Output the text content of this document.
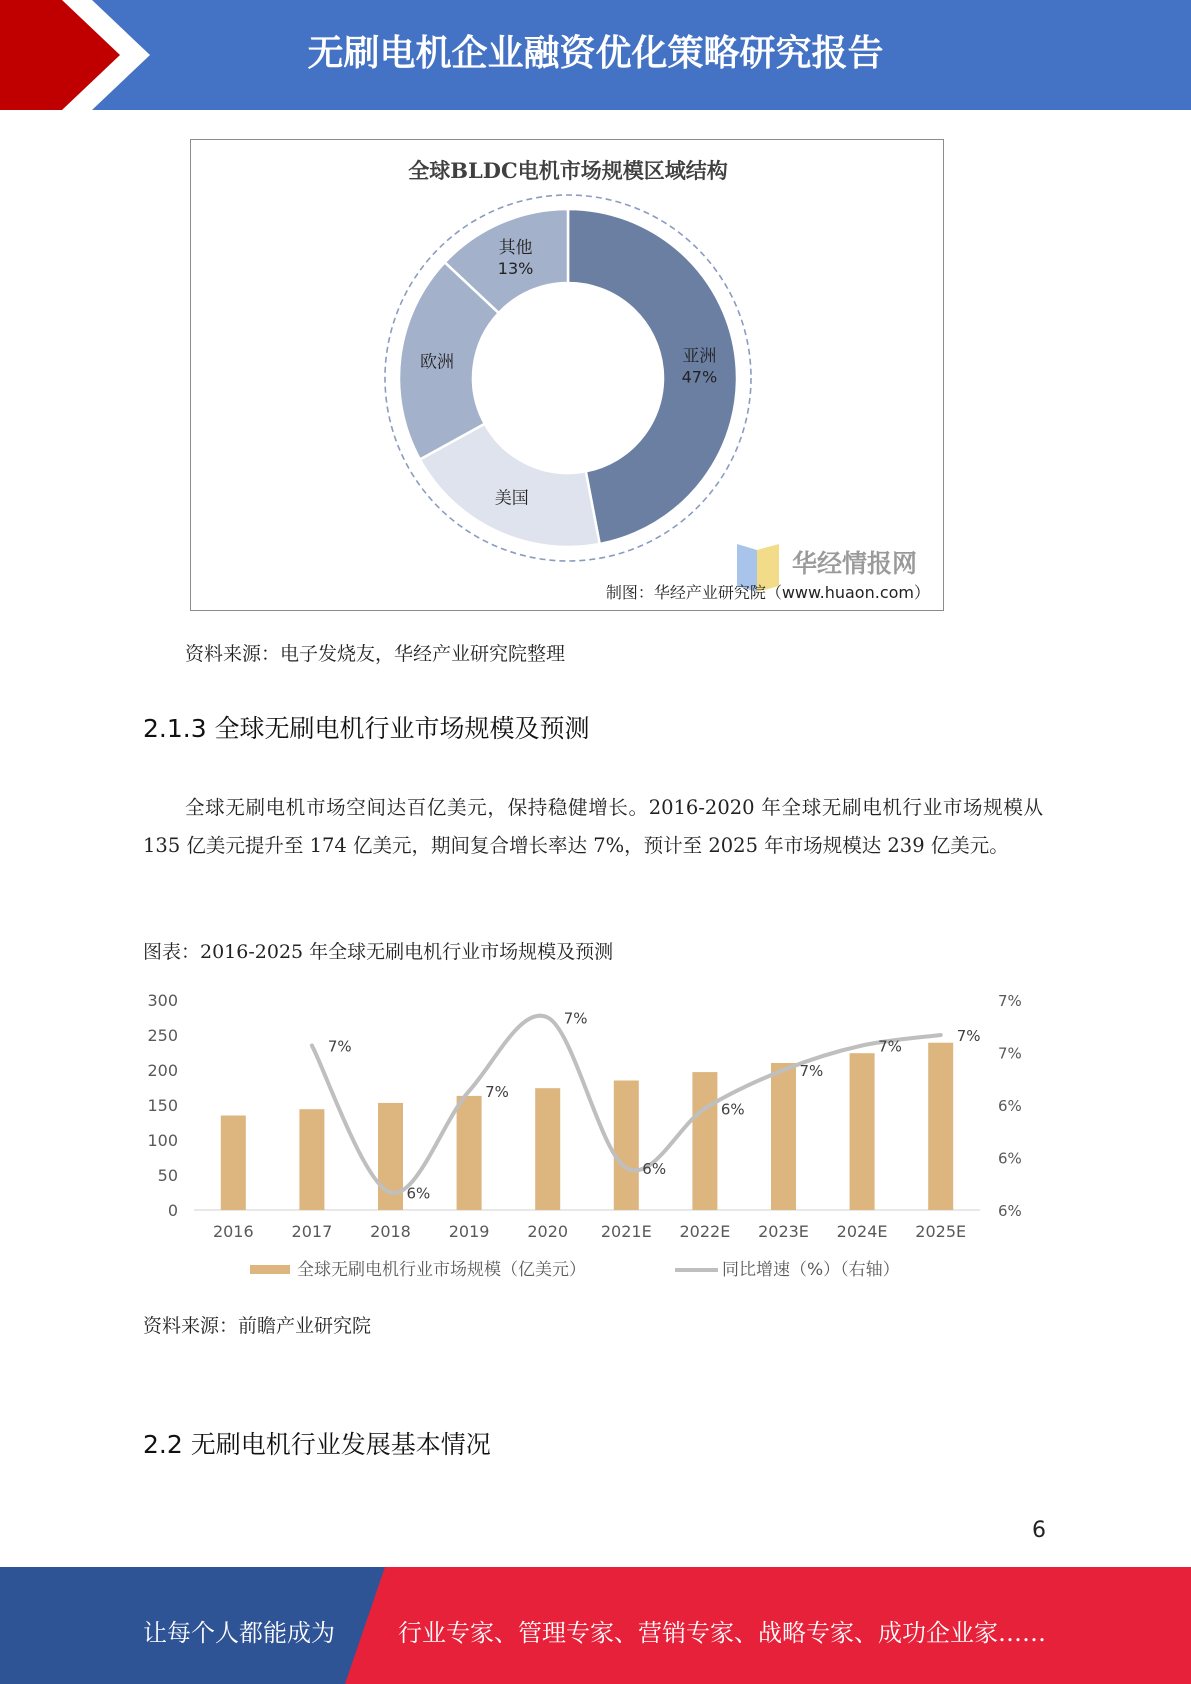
无刷电机企业融资优化策略研究报告
全球BLDC电机市场规模区域结构
亚洲
47%
美国
欧洲
其他
13%
华经情报网
制图：华经产业研究院（www.huaon.com）
资料来源：电子发烧友，华经产业研究院整理
2.1.3 全球无刷电机行业市场规模及预测
全球无刷电机市场空间达百亿美元，保持稳健增长。2016-2020 年全球无刷电机行业市场规模从 135 亿美元提升至 174 亿美元，期间复合增长率达 7%，预计至 2025 年市场规模达 239 亿美元。
图表：2016-2025 年全球无刷电机行业市场规模及预测
0
50
100
150
200
250
300
6%
6%
6%
7%
7%
7%
6%
7%
7%
6%
6%
7%
7%
7%
2016 2017 2018 2019 2020 2021E 2022E 2023E 2024E 2025E
全球无刷电机行业市场规模（亿美元）	同比增速（%）（右轴）
资料来源：前瞻产业研究院
2.2 无刷电机行业发展基本情况
6
让每个人都能成为	行业专家、管理专家、营销专家、战略专家、成功企业家……
